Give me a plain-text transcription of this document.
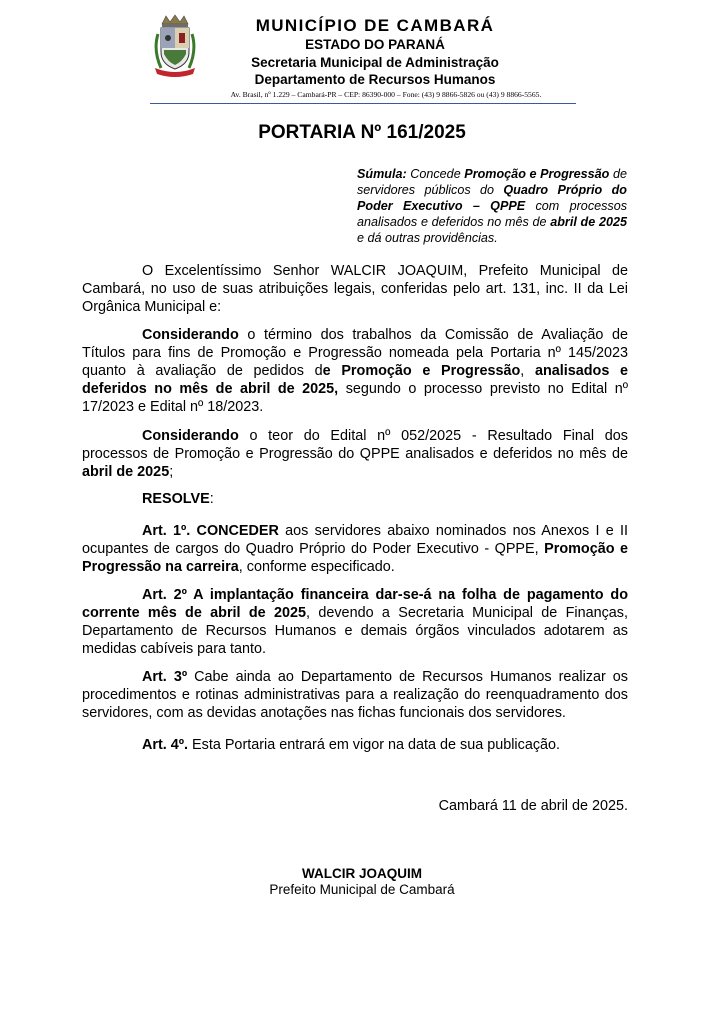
MUNICÍPIO DE CAMBARÁ
ESTADO DO PARANÁ
Secretaria Municipal de Administração
Departamento de Recursos Humanos
Av. Brasil, nº 1.229 – Cambará-PR – CEP: 86390-000 – Fone: (43) 9 8866-5826 ou (43) 9 8866-5565.
PORTARIA Nº 161/2025
Súmula: Concede Promoção e Progressão de servidores públicos do Quadro Próprio do Poder Executivo – QPPE com processos analisados e deferidos no mês de abril de 2025 e dá outras providências.
O Excelentíssimo Senhor WALCIR JOAQUIM, Prefeito Municipal de Cambará, no uso de suas atribuições legais, conferidas pelo art. 131, inc. II da Lei Orgânica Municipal e:
Considerando o término dos trabalhos da Comissão de Avaliação de Títulos para fins de Promoção e Progressão nomeada pela Portaria nº 145/2023 quanto à avaliação de pedidos de Promoção e Progressão, analisados e deferidos no mês de abril de 2025, segundo o processo previsto no Edital nº 17/2023 e Edital nº 18/2023.
Considerando o teor do Edital nº 052/2025 - Resultado Final dos processos de Promoção e Progressão do QPPE analisados e deferidos no mês de abril de 2025;
RESOLVE:
Art. 1º. CONCEDER aos servidores abaixo nominados nos Anexos I e II ocupantes de cargos do Quadro Próprio do Poder Executivo - QPPE, Promoção e Progressão na carreira, conforme especificado.
Art. 2º A implantação financeira dar-se-á na folha de pagamento do corrente mês de abril de 2025, devendo a Secretaria Municipal de Finanças, Departamento de Recursos Humanos e demais órgãos vinculados adotarem as medidas cabíveis para tanto.
Art. 3º Cabe ainda ao Departamento de Recursos Humanos realizar os procedimentos e rotinas administrativas para a realização do reenquadramento dos servidores, com as devidas anotações nas fichas funcionais dos servidores.
Art. 4º. Esta Portaria entrará em vigor na data de sua publicação.
Cambará 11 de abril de 2025.
WALCIR JOAQUIM
Prefeito Municipal de Cambará
